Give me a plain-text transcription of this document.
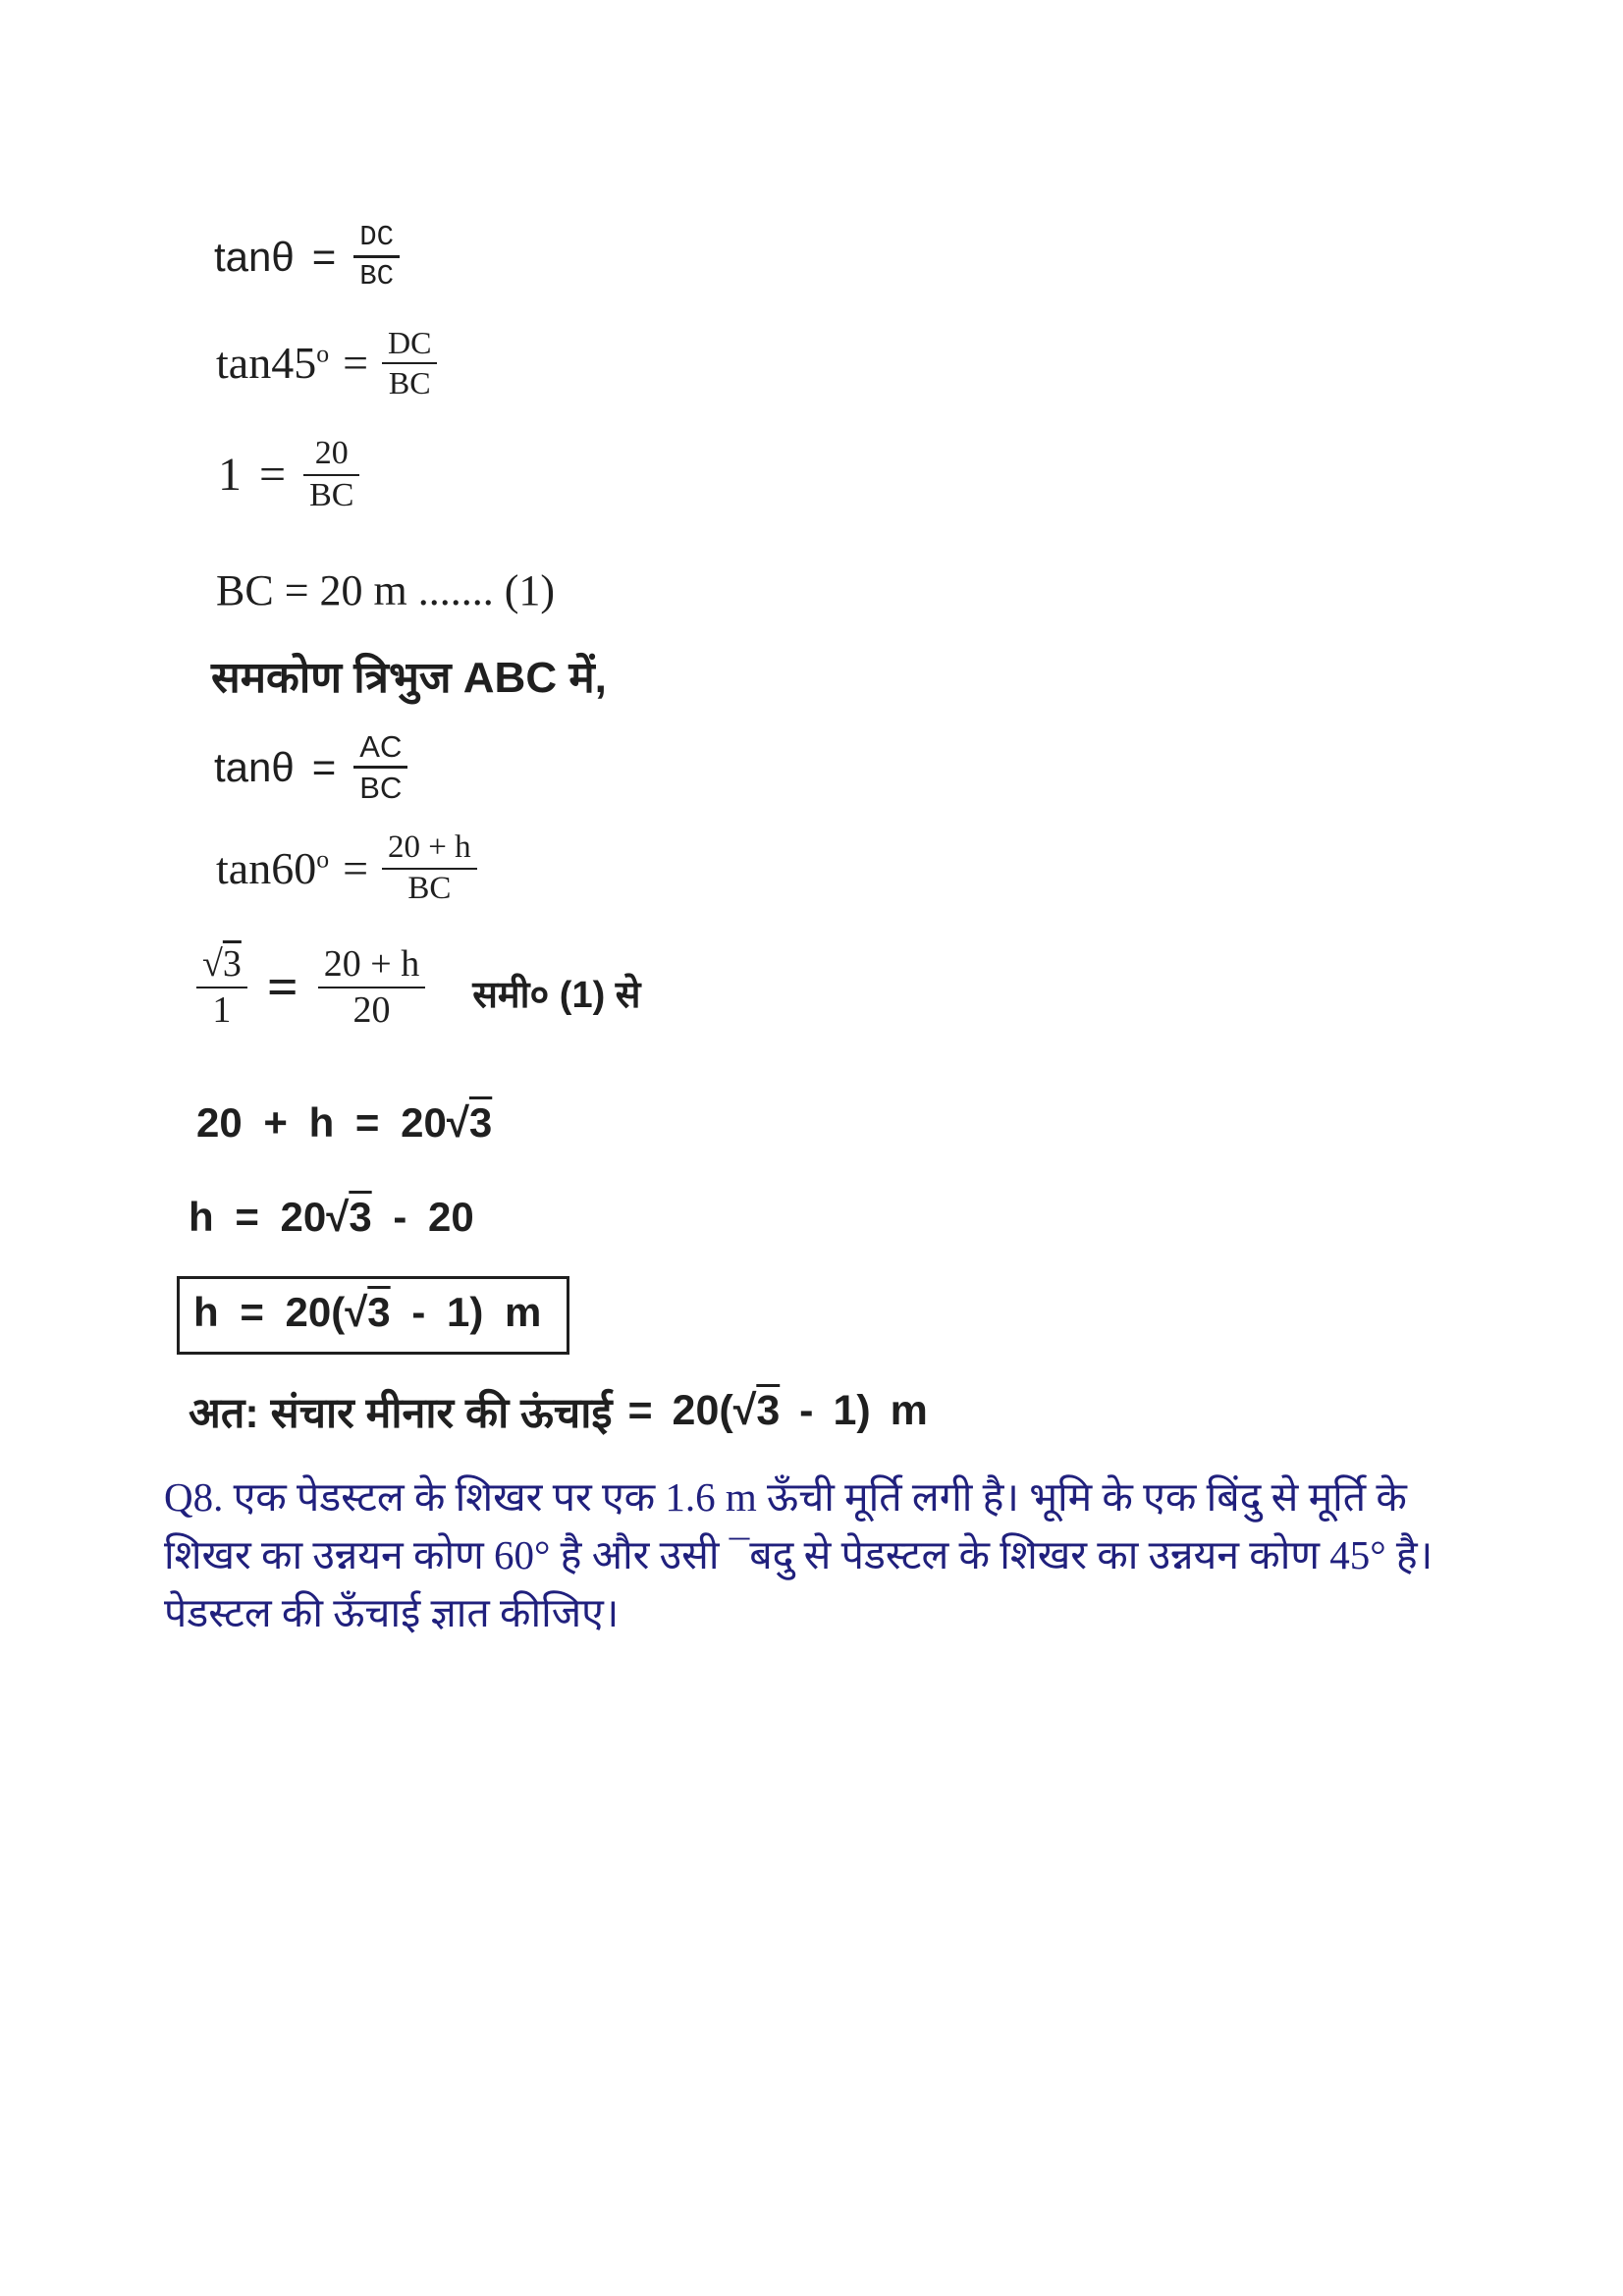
$\tan\theta = \frac{DC}{BC}$
$\tan 45^o = \frac{DC}{BC}$
$1 = \frac{20}{BC}$
BC = 20 m ....... (1)
समकोण त्रिभुज ABC में,
$\tan\theta = \frac{AC}{BC}$
$\tan 60^o = \frac{20 + h}{BC}$
$\frac{√3}{1} = \frac{20 + h}{20}$ समी० (1) से
20 + h = 20√3
h = 20√3 - 20
h = 20(√3 - 1) m
अत: संचार मीनार की ऊंचाई = 20(√3 - 1) m
Q8. एक पेडस्टल के शिखर पर एक 1.6 m ऊँची मूर्ति लगी है। भूमि के एक बिंदु से मूर्ति के
शिखर का उन्नयन कोण 60° है और उसी ¯बदु से पेडस्टल के शिखर का उन्नयन कोण 45° है।
पेडस्टल की ऊँचाई ज्ञात कीजिए।
